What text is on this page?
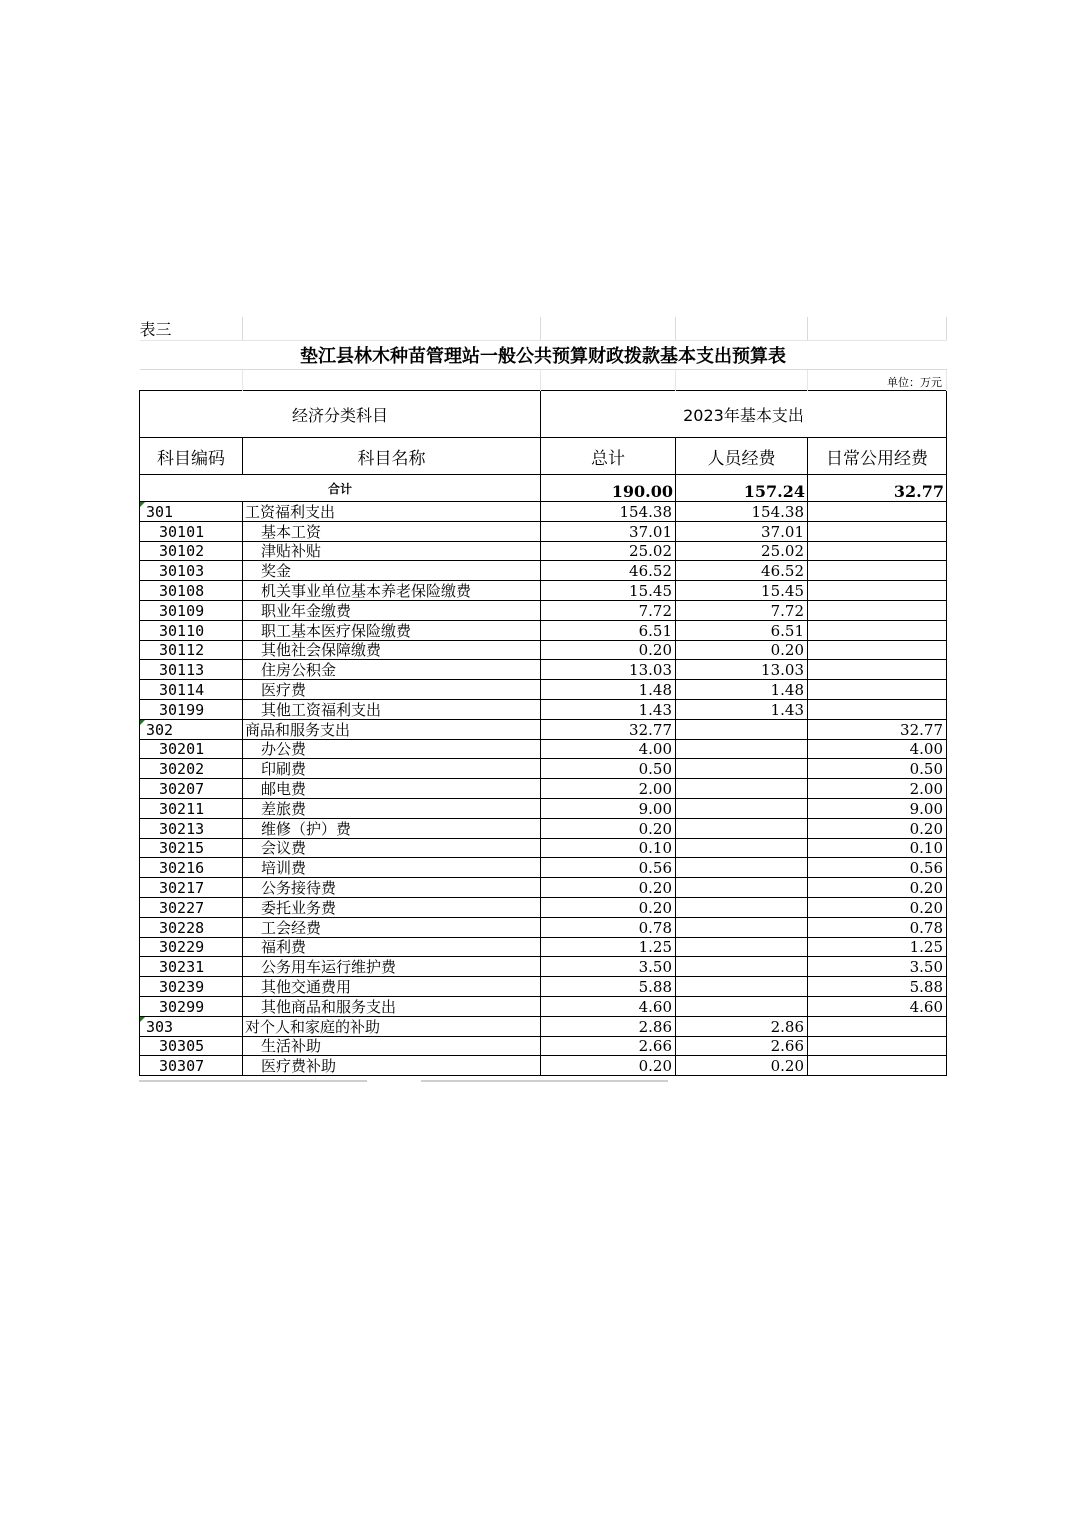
表三				
垫江县林木种苗管理站一般公共预算财政拨款基本支出预算表				
				单位：万元
经济分类科目		2023年基本支出		
科目编码	科目名称	总计	人员经费	日常公用经费
合计		190.00	157.24	32.77

301	工资福利支出	154.38	154.38	
30101	基本工资	37.01	37.01	
30102	津贴补贴	25.02	25.02	
30103	奖金	46.52	46.52	
30108	机关事业单位基本养老保险缴费	15.45	15.45	
30109	职业年金缴费	7.72	7.72	
30110	职工基本医疗保险缴费	6.51	6.51	
30112	其他社会保障缴费	0.20	0.20	
30113	住房公积金	13.03	13.03	
30114	医疗费	1.48	1.48	
30199	其他工资福利支出	1.43	1.43	

302	商品和服务支出	32.77		32.77
30201	办公费	4.00		4.00
30202	印刷费	0.50		0.50
30207	邮电费	2.00		2.00
30211	差旅费	9.00		9.00
30213	维修（护）费	0.20		0.20
30215	会议费	0.10		0.10
30216	培训费	0.56		0.56
30217	公务接待费	0.20		0.20
30227	委托业务费	0.20		0.20
30228	工会经费	0.78		0.78
30229	福利费	1.25		1.25
30231	公务用车运行维护费	3.50		3.50
30239	其他交通费用	5.88		5.88
30299	其他商品和服务支出	4.60		4.60

303	对个人和家庭的补助	2.86	2.86	
30305	生活补助	2.66	2.66	
30307	医疗费补助	0.20	0.20	
